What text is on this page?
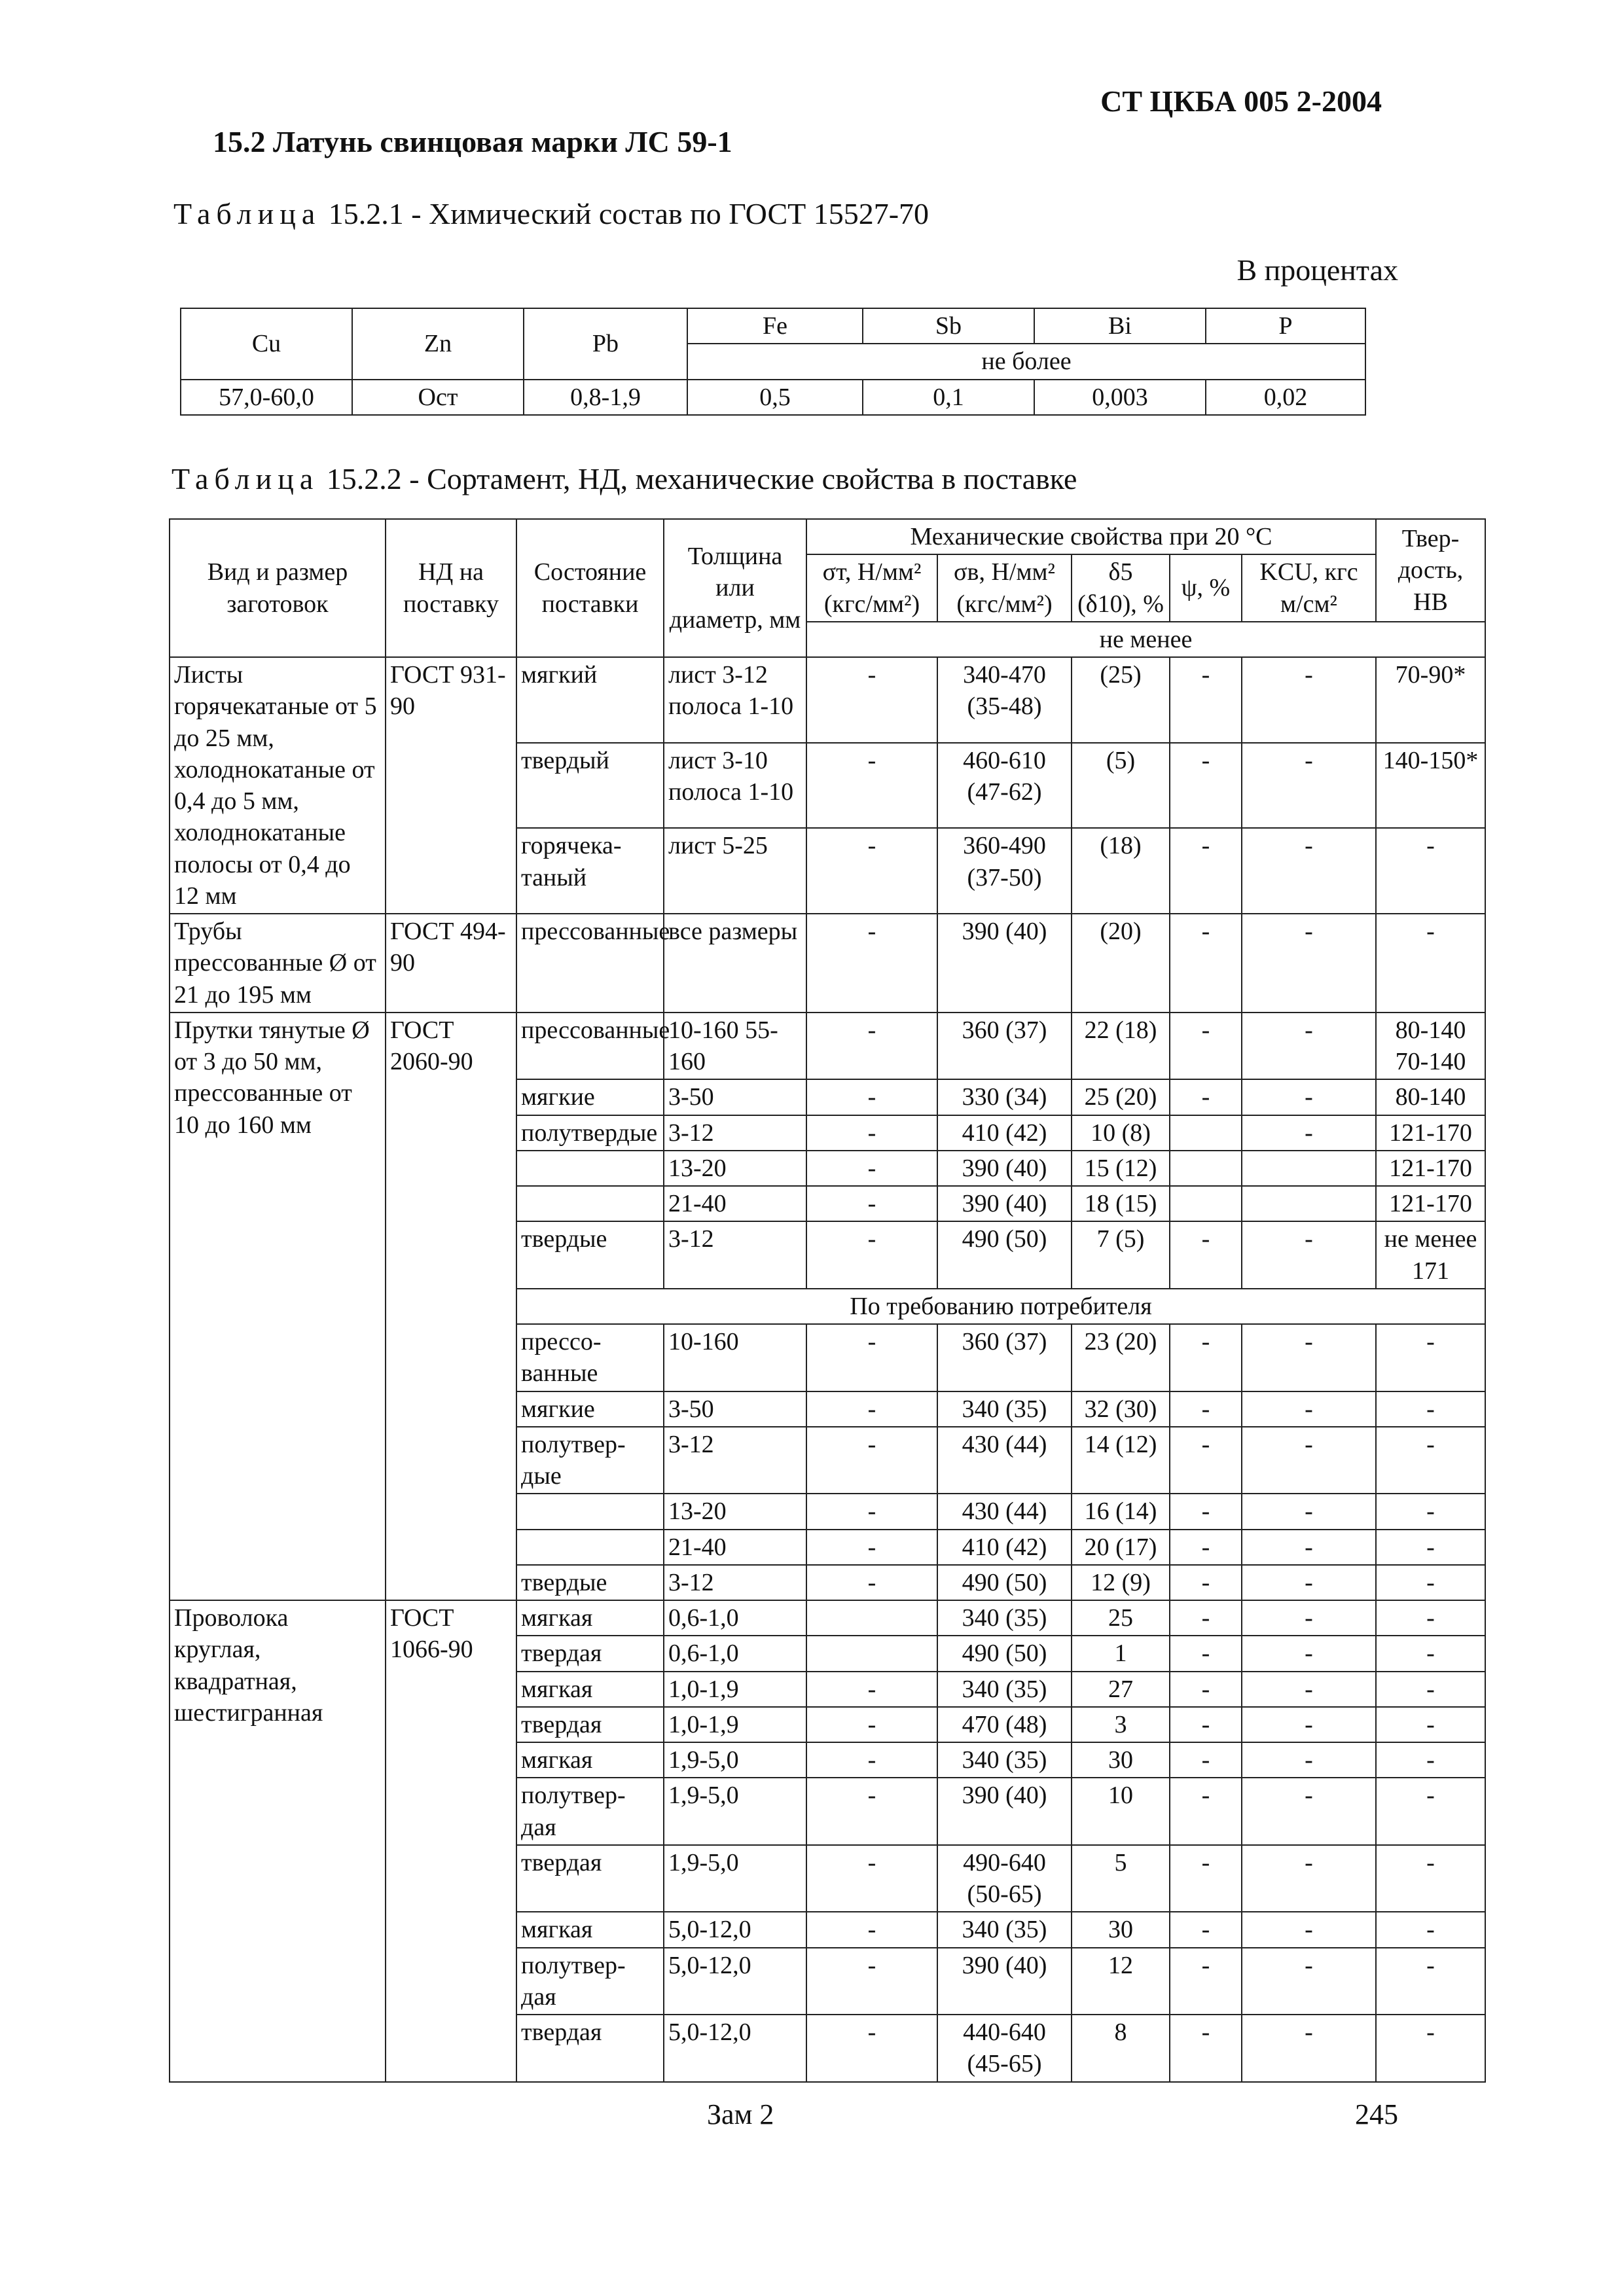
СТ ЦКБА 005 2-2004
15.2 Латунь свинцовая марки ЛС 59-1
Таблица 15.2.1 - Химический состав по ГОСТ 15527-70
В процентах
Cu	Zn	Pb	Fe	Sb	Bi	P
			не более			
57,0-60,0	Ост	0,8-1,9	0,5	0,1	0,003	0,02
Таблица 15.2.2 - Сортамент, НД, механические свойства в поставке
Вид и размер заготовок	НД на поставку	Состояние поставки	Толщина или диаметр, мм	Механические свойства при 20 °С					Твер-дость, НВ
				σт, Н/мм² (кгс/мм²)	σв, Н/мм² (кгс/мм²)	δ5 (δ10), %	ψ, %	KCU, кгс м/см²	
				не менее					
Листы горячекатаные от 5 до 25 мм, холоднокатаные от 0,4 до 5 мм, холоднокатаные полосы от 0,4 до 12 мм	ГОСТ 931-90	мягкий	лист 3-12 полоса 1-10	-	340-470 (35-48)	(25)	-	-	70-90*
		твердый	лист 3-10 полоса 1-10	-	460-610 (47-62)	(5)	-	-	140-150*
		горячека-таный	лист 5-25	-	360-490 (37-50)	(18)	-	-	-
Трубы прессованные Ø от 21 до 195 мм	ГОСТ 494-90	прессованные	все размеры	-	390 (40)	(20)	-	-	-
Прутки тянутые Ø от 3 до 50 мм, прессованные от 10 до 160 мм	ГОСТ 2060-90	прессованные	10-160 55-160	-	360 (37)	22 (18)	-	-	80-140 70-140
		мягкие	3-50	-	330 (34)	25 (20)	-	-	80-140
		полутвердые	3-12	-	410 (42)	10 (8)		-	121-170
			13-20	-	390 (40)	15 (12)			121-170
			21-40	-	390 (40)	18 (15)			121-170
		твердые	3-12	-	490 (50)	7 (5)	-	-	не менее 171
		По требованию потребителя							
		прессо-ванные	10-160	-	360 (37)	23 (20)	-	-	-
		мягкие	3-50	-	340 (35)	32 (30)	-	-	-
		полутвер-дые	3-12	-	430 (44)	14 (12)	-	-	-
			13-20	-	430 (44)	16 (14)	-	-	-
			21-40	-	410 (42)	20 (17)	-	-	-
		твердые	3-12	-	490 (50)	12 (9)	-	-	-
Проволока круглая, квадратная, шестигранная	ГОСТ 1066-90	мягкая	0,6-1,0		340 (35)	25	-	-	-
		твердая	0,6-1,0		490 (50)	1	-	-	-
		мягкая	1,0-1,9	-	340 (35)	27	-	-	-
		твердая	1,0-1,9	-	470 (48)	3	-	-	-
		мягкая	1,9-5,0	-	340 (35)	30	-	-	-
		полутвер-дая	1,9-5,0	-	390 (40)	10	-	-	-
		твердая	1,9-5,0	-	490-640 (50-65)	5	-	-	-
		мягкая	5,0-12,0	-	340 (35)	30	-	-	-
		полутвер-дая	5,0-12,0	-	390 (40)	12	-	-	-
		твердая	5,0-12,0	-	440-640 (45-65)	8	-	-	-
Зам 2	245
